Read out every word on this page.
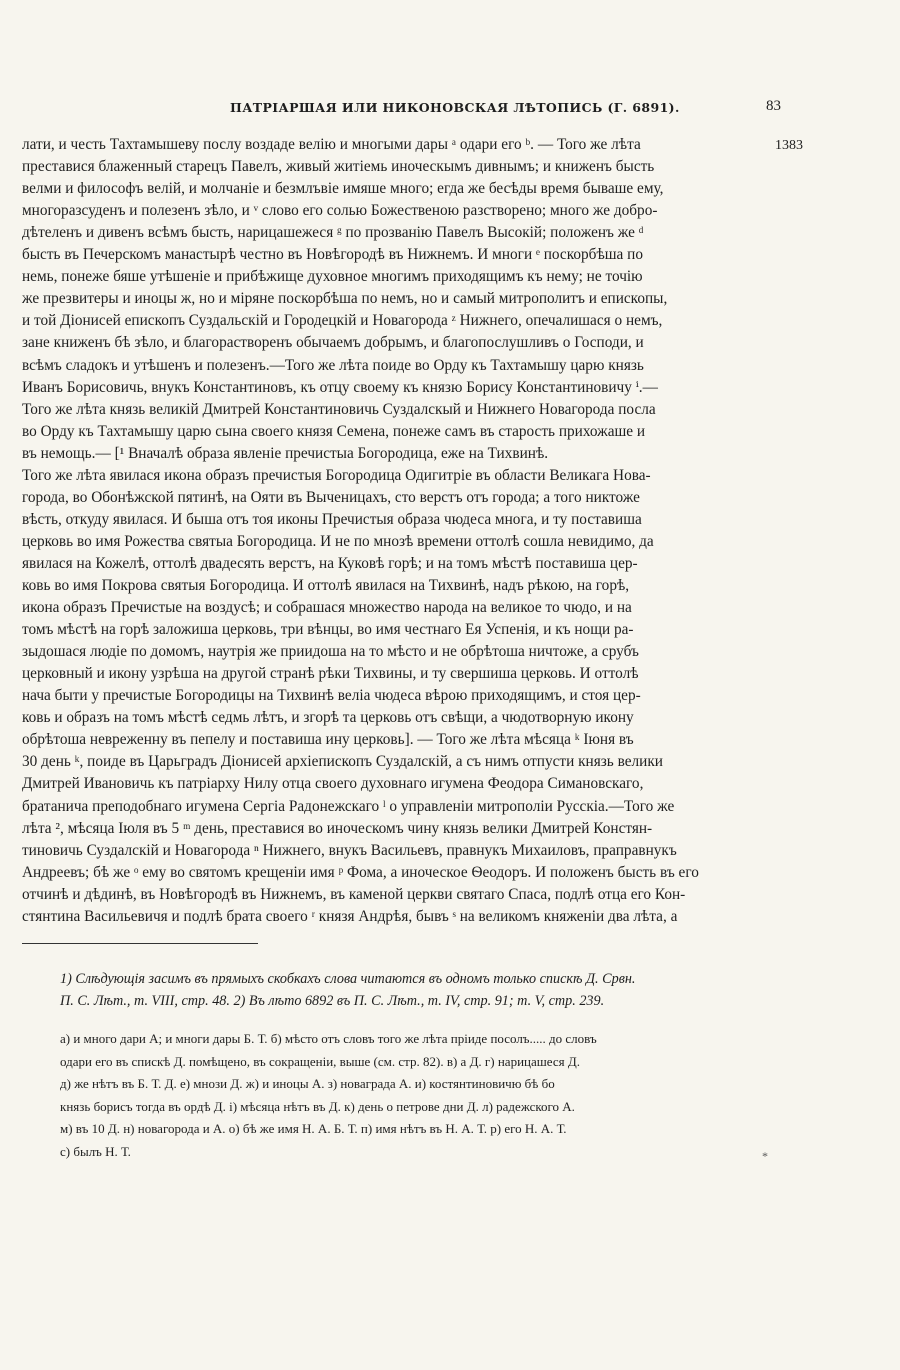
ПАТРІАРШАЯ ИЛИ НИКОНОВСКАЯ ЛѢТОПИСЬ (Г. 6891).	83
1383
лати, и честь Тахтамышеву послу воздаде велiю и многыми дары ᵃ одари его ᵇ. — Того же лѣта
преставися блаженный старецъ Павелъ, живый житiемь иноческымъ дивнымъ; и книженъ бысть
велми и философъ велiй, и молчанiе и безмлъвiе имяше много; егда же бесѣды время бываше ему,
многоразсуденъ и полезенъ зѣло, и ᵛ слово его солью Божественою разстворено; много же добро-
дѣтеленъ и дивенъ всѣмъ бысть, нарицашежеся ᵍ по прозванiю Павелъ Высокiй; положенъ же ᵈ
бысть въ Печерскомъ манастырѣ честно въ Новѣгородѣ въ Нижнемъ. И многи ᵉ поскорбѣша по
немь, понеже бяше утѣшенiе и прибѣжище духовное многимъ приходящимъ къ нему; не точiю
же презвитеры и иноцы ж, но и мiряне поскорбѣша по немъ, но и самый митрополитъ и епископы,
и той Дiонисей епископъ Суздальскiй и Городецкiй и Новагорода ᶻ Нижнего, опечалишася о немъ,
зане книженъ бѣ зѣло, и благорастворенъ обычаемъ добрымъ, и благопослушливъ о Господи, и
всѣмъ сладокъ и утѣшенъ и полезенъ.—Того же лѣта поиде во Орду къ Тахтамышу царю князь
Иванъ Борисовичь, внукъ Константиновъ, къ отцу своему къ князю Борису Константиновичу ⁱ.—
Того же лѣта князь великiй Дмитрей Константиновичь Суздалскый и Нижнего Новагорода посла
во Орду къ Тахтамышу царю сына своего князя Семена, понеже самъ въ старость прихожаше и
въ немощь.— [¹ Вначалѣ образа явленiе пречистыа Богородица, еже на Тихвинѣ.
Того же лѣта явилася икона образъ пречистыя Богородица Одигитрiе въ области Великага Нова-
города, во Обонѣжской пятинѣ, на Ояти въ Выченицахъ, сто верстъ отъ города; а того никтоже
вѣсть, откуду явилася. И быша отъ тоя иконы Пречистыя образа чюдеса многа, и ту поставиша
церковь во имя Рожества святыа Богородица. И не по мнозѣ времени оттолѣ сошла невидимо, да
явилася на Кожелѣ, оттолѣ двадесять верстъ, на Куковѣ горѣ; и на томъ мѣстѣ поставиша цер-
ковь во имя Покрова святыя Богородица. И оттолѣ явилася на Тихвинѣ, надъ рѣкою, на горѣ,
икона образъ Пречистые на воздусѣ; и собрашася множество народа на великое то чюдо, и на
томъ мѣстѣ на горѣ заложиша церковь, три вѣнцы, во имя честнаго Ея Успенiя, и къ нощи ра-
зыдошася людiе по домомъ, наутрiя же приидоша на то мѣсто и не обрѣтоша ничтоже, а срубъ
церковный и икону узрѣша на другой странѣ рѣки Тихвины, и ту свершиша церковь. И оттолѣ
нача быти у пречистые Богородицы на Тихвинѣ велiа чюдеса вѣрою приходящимъ, и стоя цер-
ковь и образъ на томъ мѣстѣ седмь лѣтъ, и згорѣ та церковь отъ свѣщи, а чюдотворную икону
обрѣтоша невреженну въ пепелу и поставиша ину церковь]. — Того же лѣта мѣсяца ᵏ Iюня въ
30 день ᵏ, поиде въ Царьградъ Дiонисей архiепископъ Суздалскiй, а съ нимъ отпусти князь велики
Дмитрей Ивановичь къ патрiарху Нилу отца своего духовнаго игумена Феодора Симановскаго,
братанича преподобнаго игумена Сергiа Радонежскаго ˡ о управленiи митрополiи Русскiа.—Того же
лѣта ², мѣсяца Iюля въ 5 ᵐ день, преставися во иноческомъ чину князь велики Дмитрей Констян-
тиновичь Суздалскiй и Новагорода ⁿ Нижнего, внукъ Васильевъ, правнукъ Михаиловъ, праправнукъ
Андреевъ; бѣ же ᵒ ему во святомъ крещенiи имя ᵖ Фома, а иноческое Ѳеодоръ. И положенъ бысть въ его
отчинѣ и дѣдинѣ, въ Новѣгородѣ въ Нижнемъ, въ каменой церкви святаго Спаса, подлѣ отца его Кон-
стянтина Васильевичя и подлѣ брата своего ʳ князя Андрѣя, бывъ ˢ на великомъ княженiи два лѣта, а
1) Слѣдующiя засимъ въ прямыхъ скобкахъ слова читаются въ одномъ только спискѣ Д. Срвн.
П. С. Лѣт., т. VIII, стр. 48. 2) Въ лѣто 6892 въ П. С. Лѣт., т. IV, стр. 91; т. V, стр. 239.
а) и много дари А; и многи дары Б. Т. б) мѣсто отъ словъ того же лѣта прiиде посолъ..... до словъ
одари его въ спискѣ Д. помѣщено, въ сокращенiи, выше (см. стр. 82). в) а Д. г) нарицашеся Д.
д) же нѣтъ въ Б. Т. Д. е) мнози Д. ж) и иноцы А. з) новаграда А. и) костянтиновичю бѣ бо
князь борисъ тогда въ ордѣ Д. i) мѣсяца нѣтъ въ Д. к) день о петрове дни Д. л) радежского А.
м) въ 10 Д. н) новагорода и А. о) бѣ же имя Н. А. Б. Т. п) имя нѣтъ въ Н. А. Т. р) его Н. А. Т.
с) былъ Н. Т.	*
